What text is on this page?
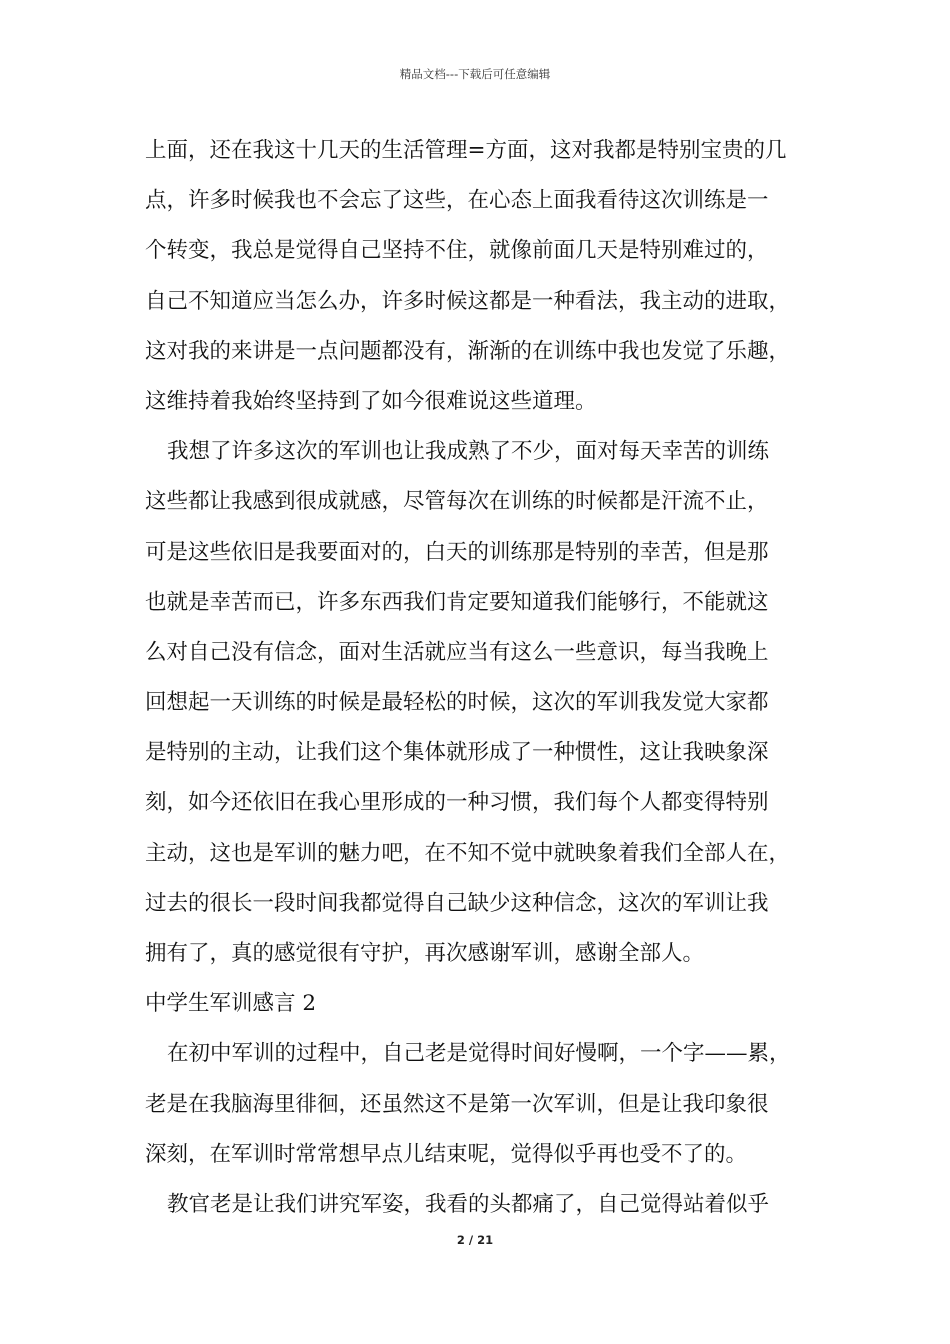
精品文档---下载后可任意编辑
上面，还在我这十几天的生活管理=方面，这对我都是特别宝贵的几
点，许多时候我也不会忘了这些，在心态上面我看待这次训练是一
个转变，我总是觉得自己坚持不住，就像前面几天是特别难过的，
自己不知道应当怎么办，许多时候这都是一种看法，我主动的进取，
这对我的来讲是一点问题都没有，渐渐的在训练中我也发觉了乐趣，
这维持着我始终坚持到了如今很难说这些道理。
我想了许多这次的军训也让我成熟了不少，面对每天幸苦的训练
这些都让我感到很成就感，尽管每次在训练的时候都是汗流不止，
可是这些依旧是我要面对的，白天的训练那是特别的幸苦，但是那
也就是幸苦而已，许多东西我们肯定要知道我们能够行，不能就这
么对自己没有信念，面对生活就应当有这么一些意识，每当我晚上
回想起一天训练的时候是最轻松的时候，这次的军训我发觉大家都
是特别的主动，让我们这个集体就形成了一种惯性，这让我映象深
刻，如今还依旧在我心里形成的一种习惯，我们每个人都变得特别
主动，这也是军训的魅力吧，在不知不觉中就映象着我们全部人在，
过去的很长一段时间我都觉得自己缺少这种信念，这次的军训让我
拥有了，真的感觉很有守护，再次感谢军训，感谢全部人。
中学生军训感言 2
在初中军训的过程中，自己老是觉得时间好慢啊，一个字——累，
老是在我脑海里徘徊，还虽然这不是第一次军训，但是让我印象很
深刻，在军训时常常想早点儿结束呢，觉得似乎再也受不了的。
教官老是让我们讲究军姿，我看的头都痛了，自己觉得站着似乎
2 / 21
